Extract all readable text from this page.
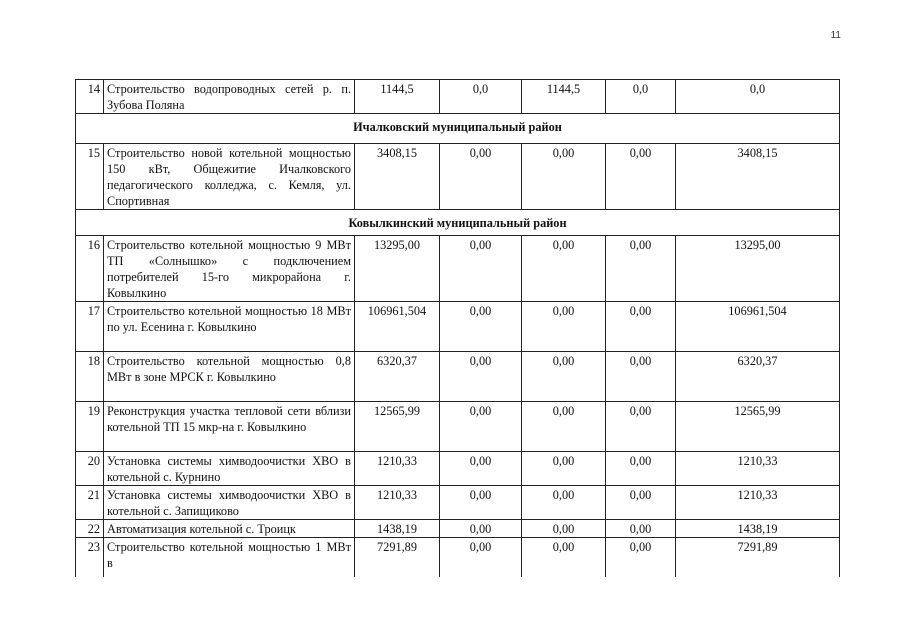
11
14	Строительство водопроводных сетей р. п. Зубова Поляна	1144,5	0,0	1144,5	0,0	0,0
Ичалковский муниципальный район						
15	Строительство новой котельной мощностью 150 кВт, Общежитие Ичалковского педагогического колледжа, с. Кемля, ул. Спортивная	3408,15	0,00	0,00	0,00	3408,15
Ковылкинский муниципальный район						
16	Строительство котельной мощностью 9 МВт ТП «Солнышко» с подключением потребителей 15-го микрорайона г. Ковылкино	13295,00	0,00	0,00	0,00	13295,00
17	Строительство котельной мощностью 18 МВт по ул. Есенина г. Ковылкино	106961,504	0,00	0,00	0,00	106961,504
18	Строительство котельной мощностью 0,8 МВт в зоне МРСК г. Ковылкино	6320,37	0,00	0,00	0,00	6320,37
19	Реконструкция участка тепловой сети вблизи котельной ТП 15 мкр-на г. Ковылкино	12565,99	0,00	0,00	0,00	12565,99
20	Установка системы химводоочистки ХВО в котельной с. Курнино	1210,33	0,00	0,00	0,00	1210,33
21	Установка системы химводоочистки ХВО в котельной с. Запищиково	1210,33	0,00	0,00	0,00	1210,33
22	Автоматизация котельной с. Троицк	1438,19	0,00	0,00	0,00	1438,19
23	Строительство котельной мощностью 1 МВт в	7291,89	0,00	0,00	0,00	7291,89
